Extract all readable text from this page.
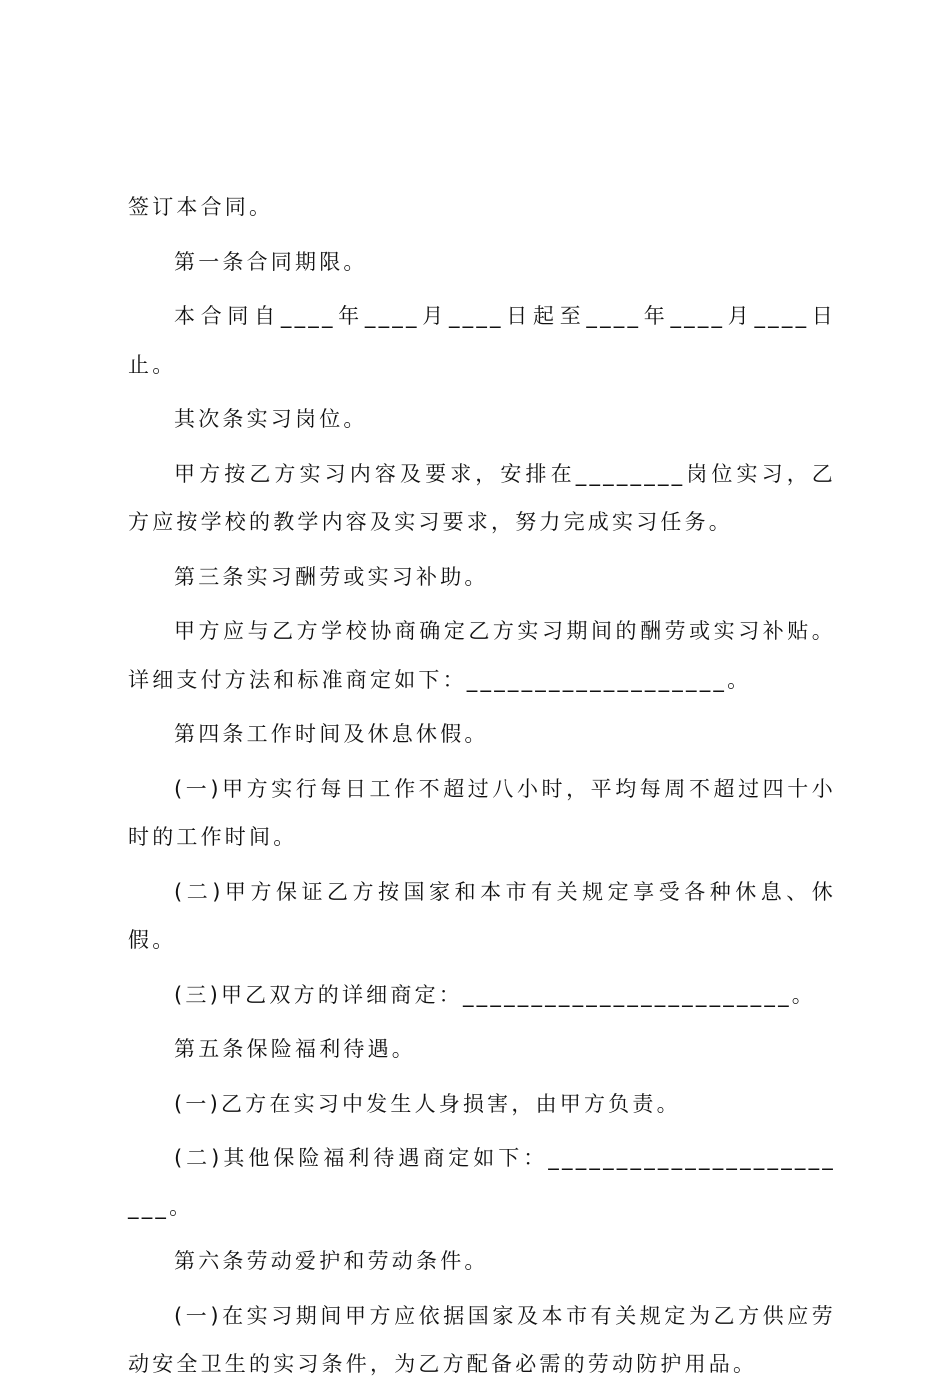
签订本合同。

第一条合同期限。

本合同自____年____月____日起至____年____月____日止。

其次条实习岗位。

甲方按乙方实习内容及要求，安排在________岗位实习，乙方应按学校的教学内容及实习要求，努力完成实习任务。

第三条实习酬劳或实习补助。

甲方应与乙方学校协商确定乙方实习期间的酬劳或实习补贴。详细支付方法和标准商定如下：___________________。

第四条工作时间及休息休假。

(一)甲方实行每日工作不超过八小时，平均每周不超过四十小时的工作时间。

(二)甲方保证乙方按国家和本市有关规定享受各种休息、休假。

(三)甲乙双方的详细商定：________________________。

第五条保险福利待遇。

(一)乙方在实习中发生人身损害，由甲方负责。

(二)其他保险福利待遇商定如下：________________________。

第六条劳动爱护和劳动条件。

(一)在实习期间甲方应依据国家及本市有关规定为乙方供应劳动安全卫生的实习条件，为乙方配备必需的劳动防护用品。
